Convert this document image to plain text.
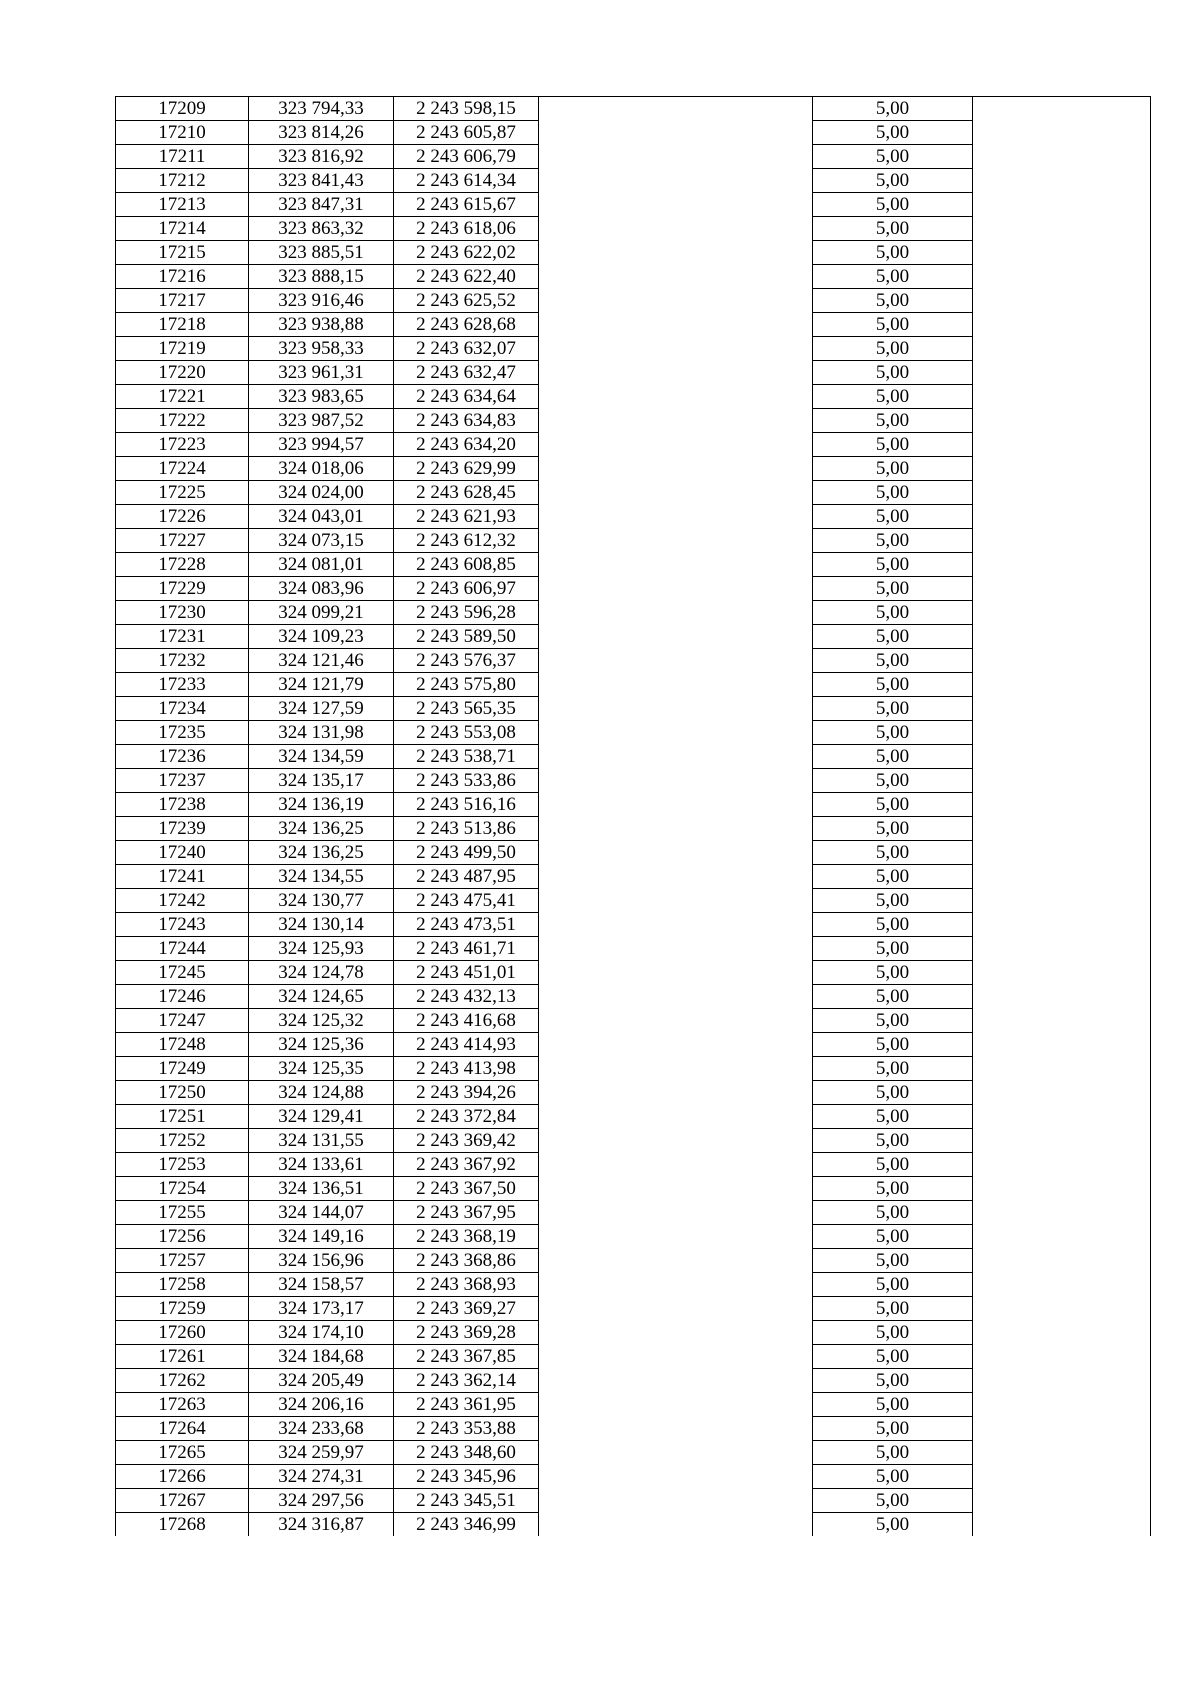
17209	323 794,33	2 243 598,15		5,00	
17210	323 814,26	2 243 605,87		5,00	
17211	323 816,92	2 243 606,79		5,00	
17212	323 841,43	2 243 614,34		5,00	
17213	323 847,31	2 243 615,67		5,00	
17214	323 863,32	2 243 618,06		5,00	
17215	323 885,51	2 243 622,02		5,00	
17216	323 888,15	2 243 622,40		5,00	
17217	323 916,46	2 243 625,52		5,00	
17218	323 938,88	2 243 628,68		5,00	
17219	323 958,33	2 243 632,07		5,00	
17220	323 961,31	2 243 632,47		5,00	
17221	323 983,65	2 243 634,64		5,00	
17222	323 987,52	2 243 634,83		5,00	
17223	323 994,57	2 243 634,20		5,00	
17224	324 018,06	2 243 629,99		5,00	
17225	324 024,00	2 243 628,45		5,00	
17226	324 043,01	2 243 621,93		5,00	
17227	324 073,15	2 243 612,32		5,00	
17228	324 081,01	2 243 608,85		5,00	
17229	324 083,96	2 243 606,97		5,00	
17230	324 099,21	2 243 596,28		5,00	
17231	324 109,23	2 243 589,50		5,00	
17232	324 121,46	2 243 576,37		5,00	
17233	324 121,79	2 243 575,80		5,00	
17234	324 127,59	2 243 565,35		5,00	
17235	324 131,98	2 243 553,08		5,00	
17236	324 134,59	2 243 538,71		5,00	
17237	324 135,17	2 243 533,86		5,00	
17238	324 136,19	2 243 516,16		5,00	
17239	324 136,25	2 243 513,86		5,00	
17240	324 136,25	2 243 499,50		5,00	
17241	324 134,55	2 243 487,95		5,00	
17242	324 130,77	2 243 475,41		5,00	
17243	324 130,14	2 243 473,51		5,00	
17244	324 125,93	2 243 461,71		5,00	
17245	324 124,78	2 243 451,01		5,00	
17246	324 124,65	2 243 432,13		5,00	
17247	324 125,32	2 243 416,68		5,00	
17248	324 125,36	2 243 414,93		5,00	
17249	324 125,35	2 243 413,98		5,00	
17250	324 124,88	2 243 394,26		5,00	
17251	324 129,41	2 243 372,84		5,00	
17252	324 131,55	2 243 369,42		5,00	
17253	324 133,61	2 243 367,92		5,00	
17254	324 136,51	2 243 367,50		5,00	
17255	324 144,07	2 243 367,95		5,00	
17256	324 149,16	2 243 368,19		5,00	
17257	324 156,96	2 243 368,86		5,00	
17258	324 158,57	2 243 368,93		5,00	
17259	324 173,17	2 243 369,27		5,00	
17260	324 174,10	2 243 369,28		5,00	
17261	324 184,68	2 243 367,85		5,00	
17262	324 205,49	2 243 362,14		5,00	
17263	324 206,16	2 243 361,95		5,00	
17264	324 233,68	2 243 353,88		5,00	
17265	324 259,97	2 243 348,60		5,00	
17266	324 274,31	2 243 345,96		5,00	
17267	324 297,56	2 243 345,51		5,00	
17268	324 316,87	2 243 346,99		5,00	
